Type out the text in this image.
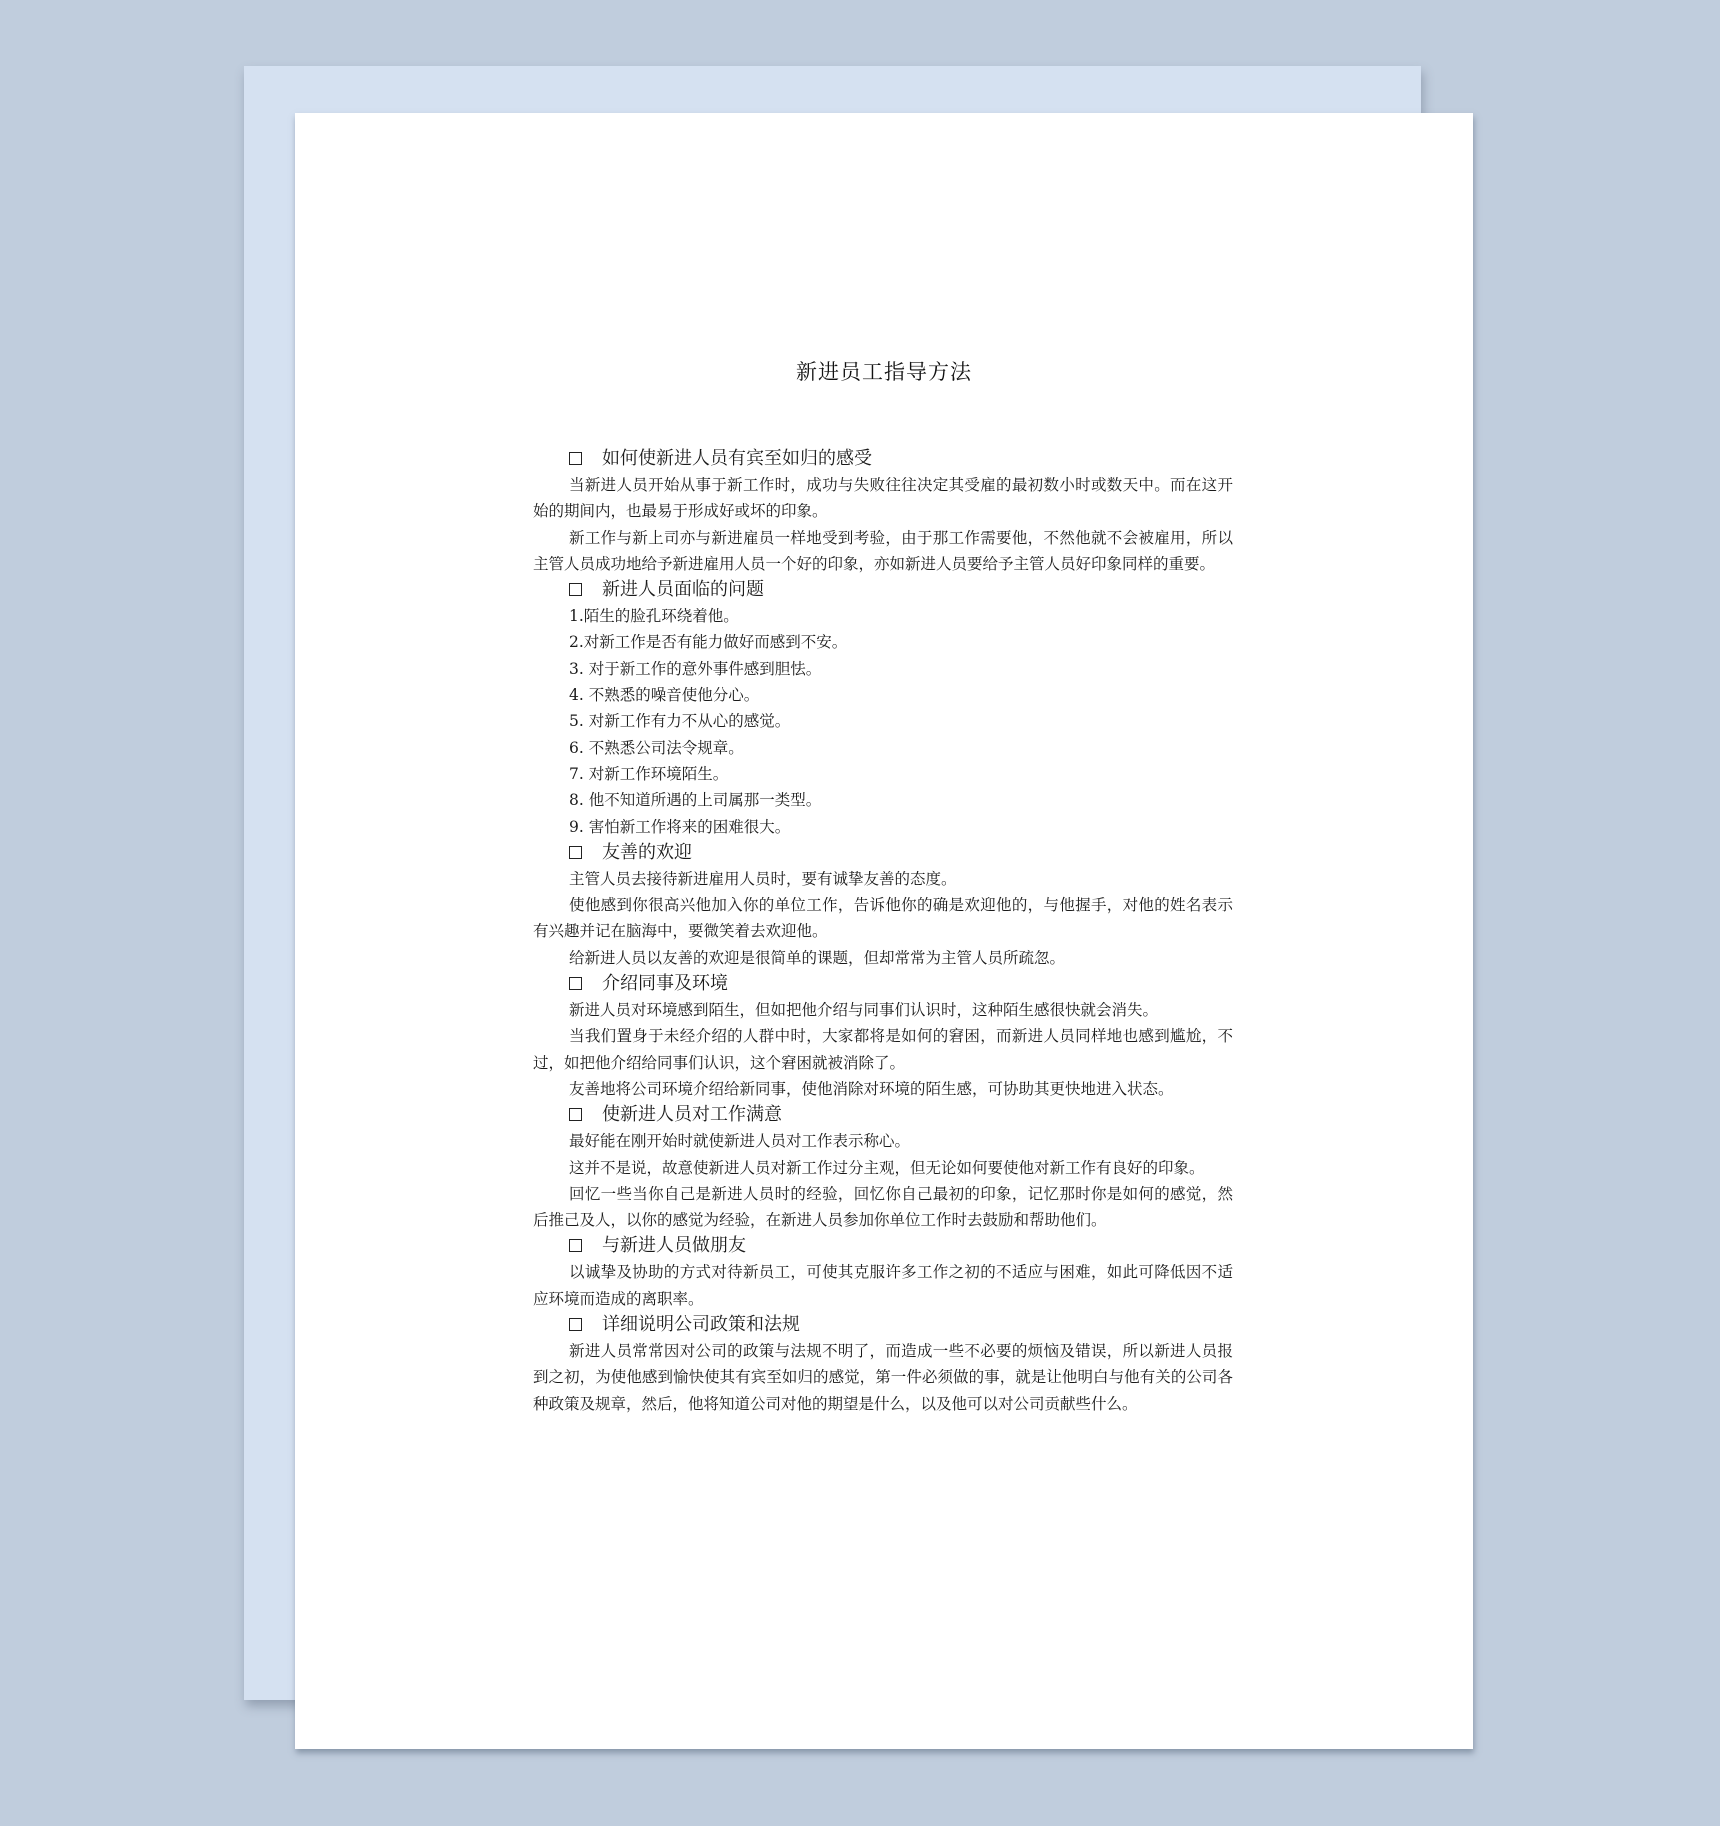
新进员工指导方法
如何使新进人员有宾至如归的感受

当新进人员开始从事于新工作时，成功与失败往往决定其受雇的最初数小时或数天中。而在这开始的期间内，也最易于形成好或坏的印象。

新工作与新上司亦与新进雇员一样地受到考验，由于那工作需要他，不然他就不会被雇用，所以主管人员成功地给予新进雇用人员一个好的印象，亦如新进人员要给予主管人员好印象同样的重要。

新进人员面临的问题
1.陌生的脸孔环绕着他。
2.对新工作是否有能力做好而感到不安。
3. 对于新工作的意外事件感到胆怯。
4. 不熟悉的噪音使他分心。
5. 对新工作有力不从心的感觉。
6. 不熟悉公司法令规章。
7. 对新工作环境陌生。
8. 他不知道所遇的上司属那一类型。
9. 害怕新工作将来的困难很大。
友善的欢迎

主管人员去接待新进雇用人员时，要有诚挚友善的态度。

使他感到你很高兴他加入你的单位工作，告诉他你的确是欢迎他的，与他握手，对他的姓名表示有兴趣并记在脑海中，要微笑着去欢迎他。

给新进人员以友善的欢迎是很简单的课题，但却常常为主管人员所疏忽。

介绍同事及环境

新进人员对环境感到陌生，但如把他介绍与同事们认识时，这种陌生感很快就会消失。

当我们置身于未经介绍的人群中时，大家都将是如何的窘困，而新进人员同样地也感到尴尬，不过，如把他介绍给同事们认识，这个窘困就被消除了。

友善地将公司环境介绍给新同事，使他消除对环境的陌生感，可协助其更快地进入状态。

使新进人员对工作满意

最好能在刚开始时就使新进人员对工作表示称心。

这并不是说，故意使新进人员对新工作过分主观，但无论如何要使他对新工作有良好的印象。

回忆一些当你自己是新进人员时的经验，回忆你自己最初的印象，记忆那时你是如何的感觉，然后推己及人，以你的感觉为经验，在新进人员参加你单位工作时去鼓励和帮助他们。

与新进人员做朋友

以诚挚及协助的方式对待新员工，可使其克服许多工作之初的不适应与困难，如此可降低因不适应环境而造成的离职率。

详细说明公司政策和法规

新进人员常常因对公司的政策与法规不明了，而造成一些不必要的烦恼及错误，所以新进人员报到之初，为使他感到愉快使其有宾至如归的感觉，第一件必须做的事，就是让他明白与他有关的公司各种政策及规章，然后，他将知道公司对他的期望是什么，以及他可以对公司贡献些什么。
